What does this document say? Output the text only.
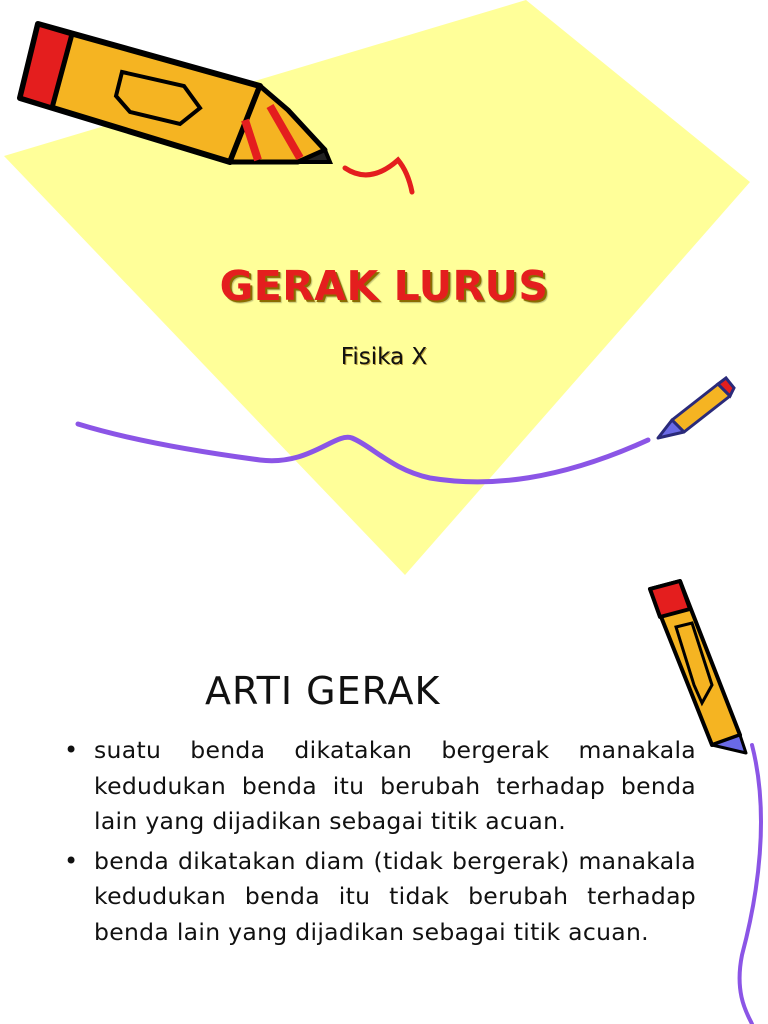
GERAK LURUS
Fisika X
ARTI GERAK
• suatu benda dikatakan bergerak manakala kedudukan benda itu berubah terhadap benda lain yang dijadikan sebagai titik acuan.
• benda dikatakan diam (tidak bergerak) manakala kedudukan benda itu tidak berubah terhadap benda lain yang dijadikan sebagai titik acuan.
